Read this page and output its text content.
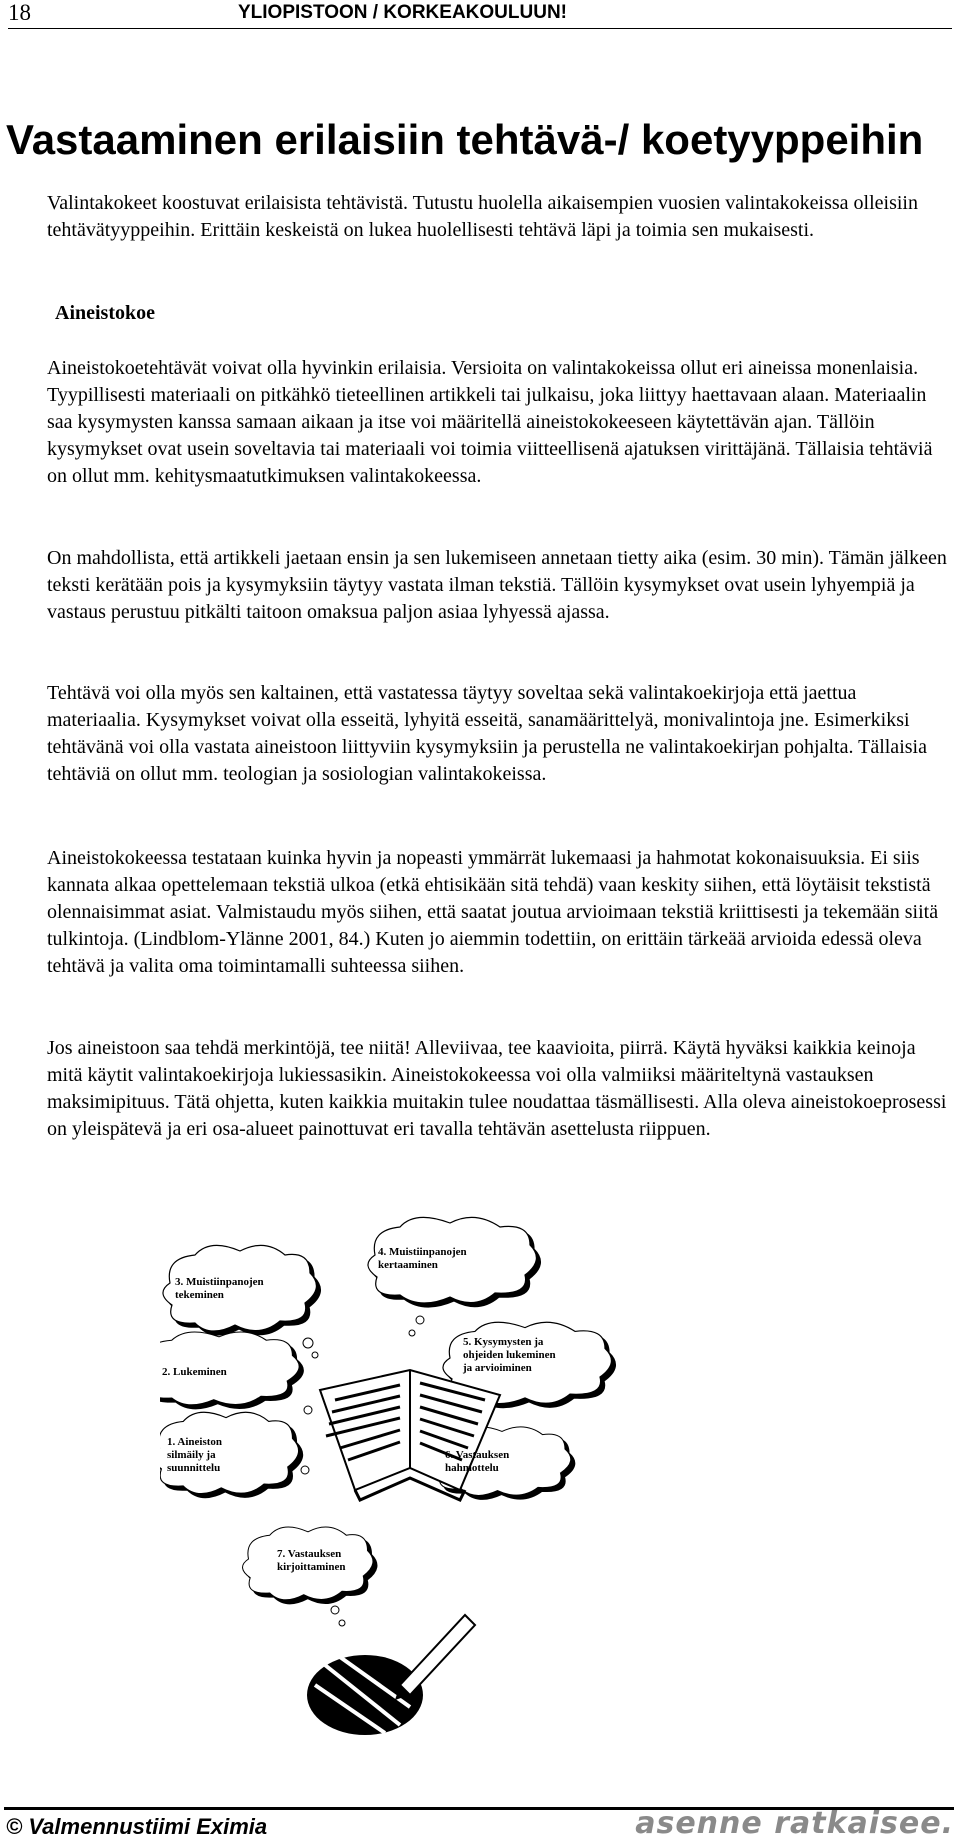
18	YLIOPISTOON / KORKEAKOULUUN!
Vastaaminen erilaisiin tehtävä-/ koetyyppeihin

Valintakokeet koostuvat erilaisista tehtävistä. Tutustu huolella aikaisempien vuosien valintakokeissa olleisiin tehtävätyyppeihin. Erittäin keskeistä on lukea huolellisesti tehtävä läpi ja toimia sen mukaisesti.

Aineistokoe

Aineistokoetehtävät voivat olla hyvinkin erilaisia. Versioita on valintakokeissa ollut eri aineissa monenlaisia. Tyypillisesti materiaali on pitkähkö tieteellinen artikkeli tai julkaisu, joka liittyy haettavaan alaan. Materiaalin saa kysymysten kanssa samaan aikaan ja itse voi määritellä aineistokokeeseen käytettävän ajan. Tällöin kysymykset ovat usein soveltavia tai materiaali voi toimia viitteellisenä ajatuksen virittäjänä. Tällaisia tehtäviä on ollut mm. kehitysmaatutkimuksen valintakokeessa.

On mahdollista, että artikkeli jaetaan ensin ja sen lukemiseen annetaan tietty aika (esim. 30 min). Tämän jälkeen teksti kerätään pois ja kysymyksiin täytyy vastata ilman tekstiä. Tällöin kysymykset ovat usein lyhyempiä ja vastaus perustuu pitkälti taitoon omaksua paljon asiaa lyhyessä ajassa.

Tehtävä voi olla myös sen kaltainen, että vastatessa täytyy soveltaa sekä valintakoekirjoja että jaettua materiaalia. Kysymykset voivat olla esseitä, lyhyitä esseitä, sanamäärittelyä, monivalintoja jne. Esimerkiksi tehtävänä voi olla vastata aineistoon liittyviin kysymyksiin ja perustella ne valintakoekirjan pohjalta. Tällaisia tehtäviä on ollut mm. teologian ja sosiologian valintakokeissa.

Aineistokokeessa testataan kuinka hyvin ja nopeasti ymmärrät lukemaasi ja hahmotat kokonaisuuksia. Ei siis kannata alkaa opettelemaan tekstiä ulkoa (etkä ehtisikään sitä tehdä) vaan keskity siihen, että löytäisit tekstistä olennaisimmat asiat. Valmistaudu myös siihen, että saatat joutua arvioimaan tekstiä kriittisesti ja tekemään siitä tulkintoja. (Lindblom-Ylänne 2001, 84.) Kuten jo aiemmin todettiin, on erittäin tärkeää arvioida edessä oleva tehtävä ja valita oma toimintamalli suhteessa siihen.

Jos aineistoon saa tehdä merkintöjä, tee niitä! Alleviivaa, tee kaavioita, piirrä. Käytä hyväksi kaikkia keinoja mitä käytit valintakoekirjoja lukiessasikin. Aineistokokeessa voi olla valmiiksi määriteltynä vastauksen maksimipituus. Tätä ohjetta, kuten kaikkia muitakin tulee noudattaa täsmällisesti. Alla oleva aineistokoeprosessi on yleispätevä ja eri osa-alueet painottuvat eri tavalla tehtävän asettelusta riippuen.

3. Muistiinpanojen tekeminen
4. Muistiinpanojen kertaaminen
2. Lukeminen
5. Kysymysten ja ohjeiden lukeminen ja arvioiminen
1. Aineiston silmäily ja suunnittelu
6. Vastauksen hahmottelu
7. Vastauksen kirjoittaminen
© Valmennustiimi Eximia	asenne ratkaisee.
